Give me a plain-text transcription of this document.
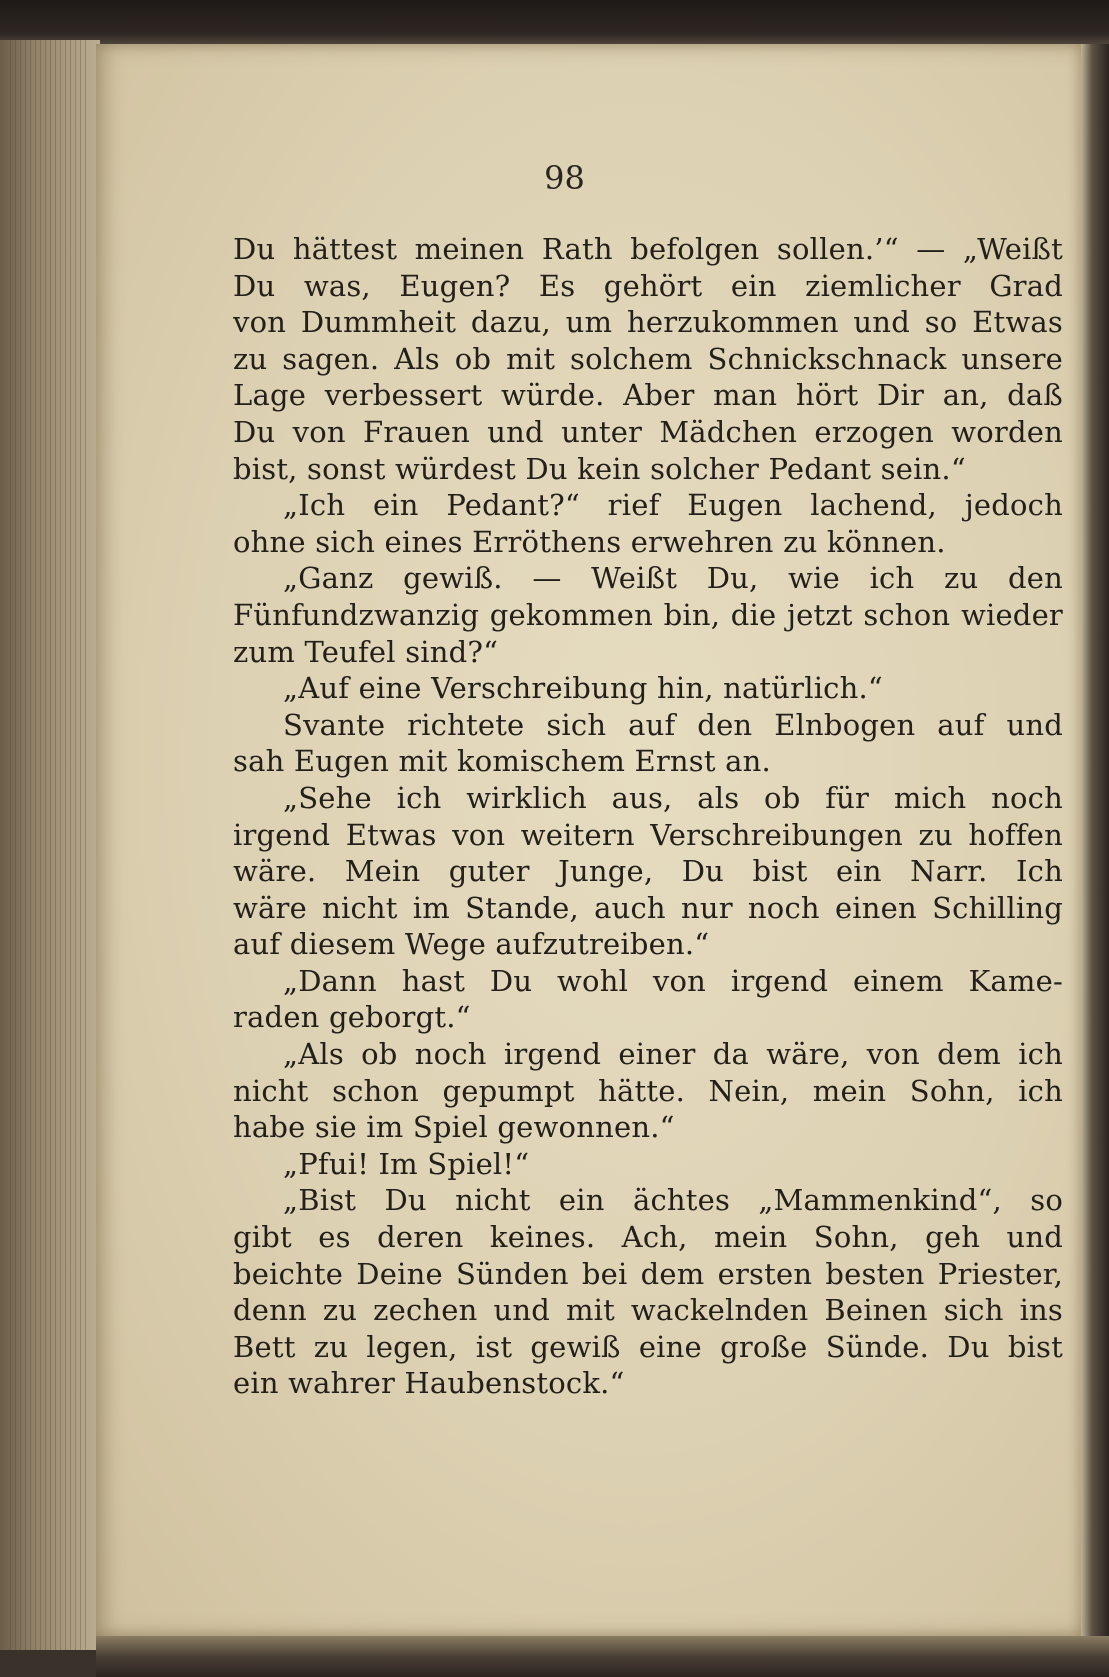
98
Du hättest meinen Rath befolgen sollen.’“ — „Weißt
Du was, Eugen? Es gehört ein ziemlicher Grad
von Dummheit dazu, um herzukommen und so Etwas
zu sagen. Als ob mit solchem Schnickschnack unsere
Lage verbessert würde. Aber man hört Dir an, daß
Du von Frauen und unter Mädchen erzogen worden
bist, sonst würdest Du kein solcher Pedant sein.“
„Ich ein Pedant?“ rief Eugen lachend, jedoch
ohne sich eines Erröthens erwehren zu können.
„Ganz gewiß. — Weißt Du, wie ich zu den
Fünfundzwanzig gekommen bin, die jetzt schon wieder
zum Teufel sind?“
„Auf eine Verschreibung hin, natürlich.“
Svante richtete sich auf den Elnbogen auf und
sah Eugen mit komischem Ernst an.
„Sehe ich wirklich aus, als ob für mich noch
irgend Etwas von weitern Verschreibungen zu hoffen
wäre. Mein guter Junge, Du bist ein Narr. Ich
wäre nicht im Stande, auch nur noch einen Schilling
auf diesem Wege aufzutreiben.“
„Dann hast Du wohl von irgend einem Kame-
raden geborgt.“
„Als ob noch irgend einer da wäre, von dem ich
nicht schon gepumpt hätte. Nein, mein Sohn, ich
habe sie im Spiel gewonnen.“
„Pfui! Im Spiel!“
„Bist Du nicht ein ächtes „Mammenkind“, so
gibt es deren keines. Ach, mein Sohn, geh und
beichte Deine Sünden bei dem ersten besten Priester,
denn zu zechen und mit wackelnden Beinen sich ins
Bett zu legen, ist gewiß eine große Sünde. Du bist
ein wahrer Haubenstock.“
